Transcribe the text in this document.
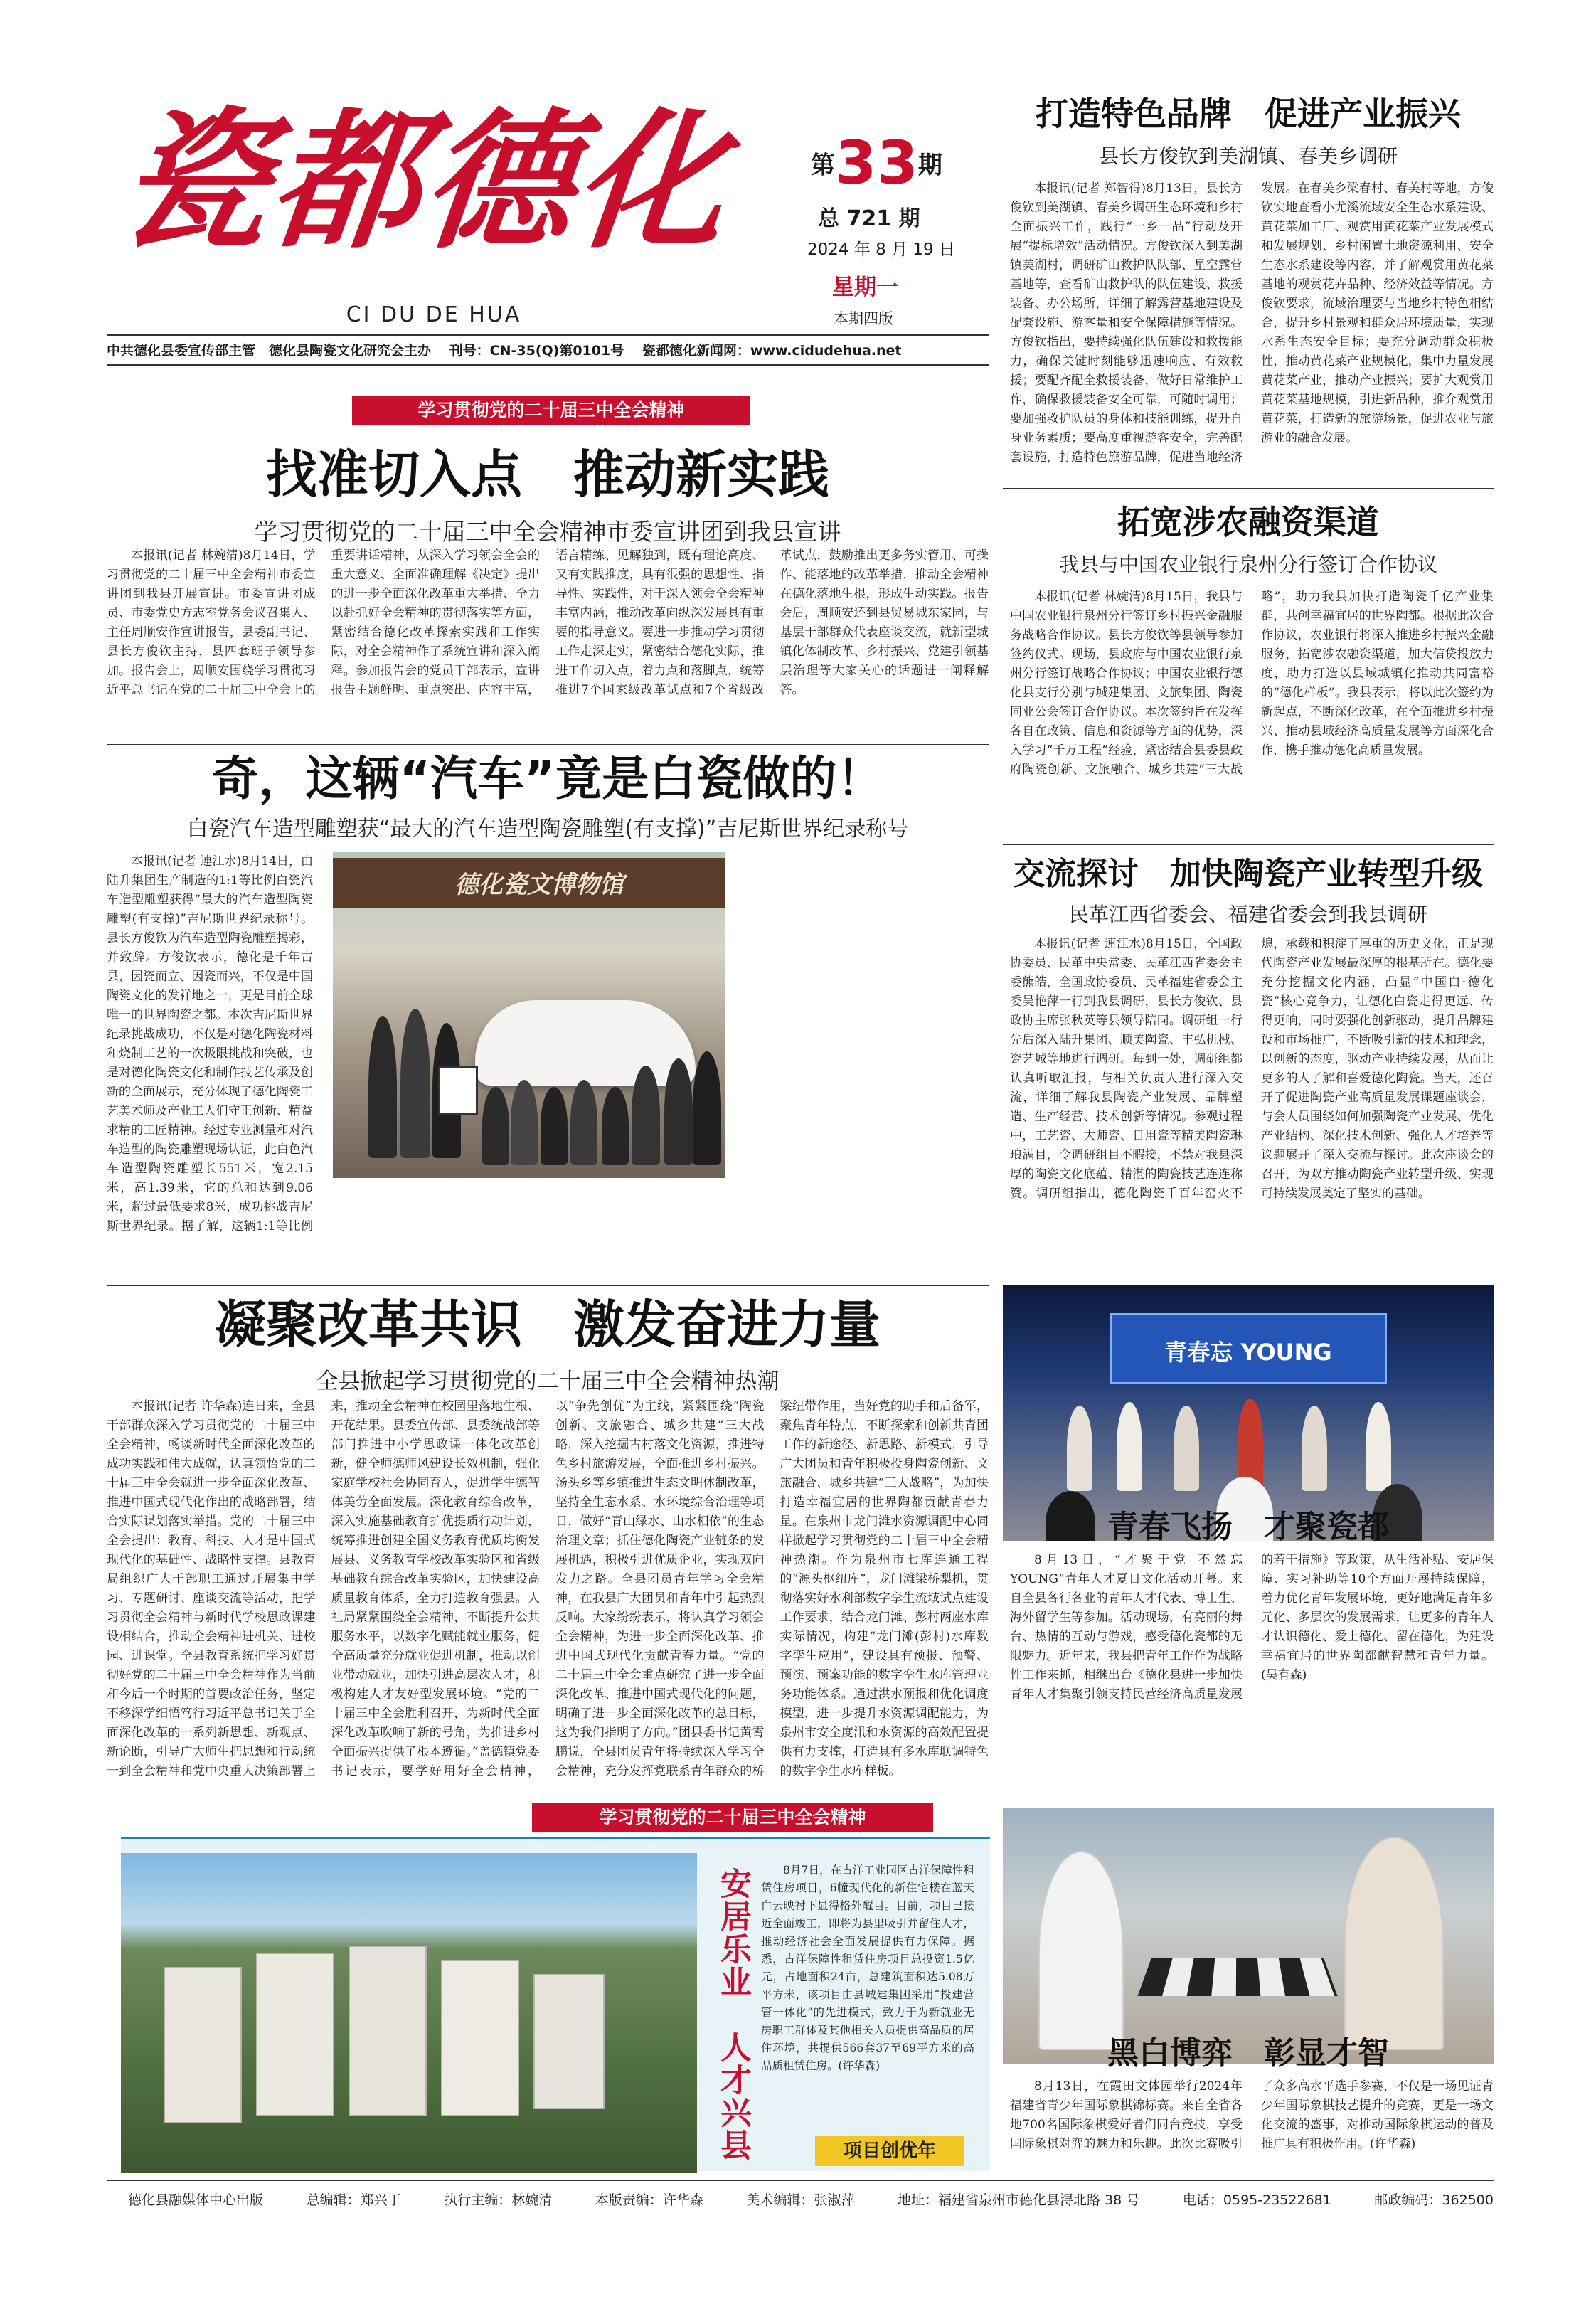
瓷都德化
CI DU DE HUA
第33期
总 721 期
2024 年 8 月 19 日
星期一
本期四版
中共德化县委宣传部主管　德化县陶瓷文化研究会主办　 刊号：CN-35(Q)第0101号　 瓷都德化新闻网：www.cidudehua.net
学习贯彻党的二十届三中全会精神
找准切入点　推动新实践
学习贯彻党的二十届三中全会精神市委宣讲团到我县宣讲
本报讯(记者 林婉清)8月14日，学习贯彻党的二十届三中全会精神市委宣讲团到我县开展宣讲。市委宣讲团成员、市委党史方志室党务会议召集人、主任周顺安作宣讲报告，县委副书记、县长方俊钦主持，县四套班子领导参加。报告会上，周顺安围绕学习贯彻习近平总书记在党的二十届三中全会上的重要讲话精神，从深入学习领会全会的重大意义、全面准确理解《决定》提出的进一步全面深化改革重大举措、全力以赴抓好全会精神的贯彻落实等方面，紧密结合德化改革探索实践和工作实际，对全会精神作了系统宣讲和深入阐释。参加报告会的党员干部表示，宣讲报告主题鲜明、重点突出、内容丰富，语言精练、见解独到，既有理论高度、又有实践推度，具有很强的思想性、指导性、实践性，对于深入领会全会精神丰富内涵，推动改革向纵深发展具有重要的指导意义。要进一步推动学习贯彻工作走深走实，紧密结合德化实际，推进工作切入点，着力点和落脚点，统筹推进7个国家级改革试点和7个省级改革试点，鼓励推出更多务实管用、可操作、能落地的改革举措，推动全会精神在德化落地生根，形成生动实践。报告会后，周顺安还到县贸易城东家园，与基层干部群众代表座谈交流，就新型城镇化体制改革、乡村振兴、党建引领基层治理等大家关心的话题进一阐释解答。
奇，这辆“汽车”竟是白瓷做的！
白瓷汽车造型雕塑获“最大的汽车造型陶瓷雕塑(有支撑)”吉尼斯世界纪录称号
本报讯(记者 連江水)8月14日，由陆升集团生产制造的1:1等比例白瓷汽车造型雕塑获得“最大的汽车造型陶瓷雕塑(有支撑)”吉尼斯世界纪录称号。县长方俊钦为汽车造型陶瓷雕塑揭彩，并致辞。方俊钦表示，德化是千年古县，因瓷而立、因瓷而兴，不仅是中国陶瓷文化的发祥地之一，更是目前全球唯一的世界陶瓷之都。本次吉尼斯世界纪录挑战成功，不仅是对德化陶瓷材料和烧制工艺的一次极限挑战和突破，也是对德化陶瓷文化和制作技艺传承及创新的全面展示，充分体现了德化陶瓷工艺美术师及产业工人们守正创新、精益求精的工匠精神。经过专业测量和对汽车造型的陶瓷雕塑现场认证，此白色汽车造型陶瓷雕塑长551米，宽2.15米，高1.39米，它的总和达到9.06米，超过最低要求8米，成功挑战吉尼斯世界纪录。据了解，这辆1:1等比例
德化瓷文博物馆
凝聚改革共识　激发奋进力量
全县掀起学习贯彻党的二十届三中全会精神热潮
本报讯(记者 许华森)连日来，全县干部群众深入学习贯彻党的二十届三中全会精神，畅谈新时代全面深化改革的成功实践和伟大成就，认真领悟党的二十届三中全会就进一步全面深化改革、推进中国式现代化作出的战略部署，结合实际谋划落实举措。党的二十届三中全会提出：教育、科技、人才是中国式现代化的基础性、战略性支撑。县教育局组织广大干部职工通过开展集中学习、专题研讨、座谈交流等活动，把学习贯彻全会精神与新时代学校思政课建设相结合，推动全会精神进机关、进校园、进课堂。全县教育系统把学习好贯彻好党的二十届三中全会精神作为当前和今后一个时期的首要政治任务，坚定不移深学细悟笃行习近平总书记关于全面深化改革的一系列新思想、新观点、新论断，引导广大师生把思想和行动统一到全会精神和党中央重大决策部署上来，推动全会精神在校园里落地生根、开花结果。县委宣传部、县委统战部等部门推进中小学思政课一体化改革创新，健全师德师风建设长效机制，强化家庭学校社会协同育人，促进学生德智体美劳全面发展。深化教育综合改革，深入实施基础教育扩优提质行动计划，统筹推进创建全国义务教育优质均衡发展县、义务教育学校改革实验区和省级基础教育综合改革实验区，加快建设高质量教育体系，全力打造教育强县。人社局紧紧围绕全会精神，不断提升公共服务水平，以数字化赋能就业服务，健全高质量充分就业促进机制，推动以创业带动就业，加快引进高层次人才，积极构建人才友好型发展环境。“党的二十届三中全会胜利召开，为新时代全面深化改革吹响了新的号角，为推进乡村全面振兴提供了根本遵循。”盖德镇党委书记表示，要学好用好全会精神，以“争先创优”为主线，紧紧围绕“陶瓷创新、文旅融合、城乡共建”三大战略，深入挖掘古村落文化资源，推进特色乡村旅游发展，全面推进乡村振兴。汤头乡等乡镇推进生态文明体制改革，坚持全生态水系、水环境综合治理等项目，做好“青山绿水、山水相依”的生态治理文章；抓住德化陶瓷产业链条的发展机遇，积极引进优质企业，实现双向发力之路。全县团员青年学习全会精神，在我县广大团员和青年中引起热烈反响。大家纷纷表示，将认真学习领会全会精神，为进一步全面深化改革、推进中国式现代化贡献青春力量。“党的二十届三中全会重点研究了进一步全面深化改革、推进中国式现代化的问题，明确了进一步全面深化改革的总目标，这为我们指明了方向。”团县委书记黄霄鹏说，全县团员青年将持续深入学习全会精神，充分发挥党联系青年群众的桥梁纽带作用，当好党的助手和后备军，聚焦青年特点，不断探索和创新共青团工作的新途径、新思路、新模式，引导广大团员和青年积极投身陶瓷创新、文旅融合、城乡共建“三大战略”，为加快打造幸福宜居的世界陶都贡献青春力量。在泉州市龙门滩水资源调配中心同样掀起学习贯彻党的二十届三中全会精神热潮。作为泉州市七库连通工程的“源头枢纽库”，龙门滩梁桥梨机，贯彻落实好水利部数字孪生流域试点建设工作要求，结合龙门滩、彭村两座水库实际情况，构建“龙门滩(彭村)水库数字孪生应用”，建设具有预报、预警、预演、预案功能的数字孪生水库管理业务功能体系。通过洪水预报和优化调度模型，进一步提升水资源调配能力，为泉州市安全度汛和水资源的高效配置提供有力支撑，打造具有多水库联调特色的数字孪生水库样板。
学习贯彻党的二十届三中全会精神
安居乐业　人才兴县	8月7日，在古洋工业园区古洋保障性租赁住房项目，6幢现代化的新住宅楼在蓝天白云映衬下显得格外醒目。目前，项目已接近全面竣工，即将为县里吸引并留住人才，推动经济社会全面发展提供有力保障。据悉，古洋保障性租赁住房项目总投资1.5亿元，占地面积24亩，总建筑面积达5.08万平方米，该项目由县城建集团采用“投建营管一体化”的先进模式，致力于为新就业无房职工群体及其他相关人员提供高品质的居住环境，共提供566套37至69平方米的高品质租赁住房。(许华森)
项目创优年
打造特色品牌　促进产业振兴
县长方俊钦到美湖镇、春美乡调研
本报讯(记者 郑智得)8月13日，县长方俊钦到美湖镇、春美乡调研生态环境和乡村全面振兴工作，践行“一乡一品”行动及开展“提标增效”活动情况。方俊钦深入到美湖镇美湖村，调研矿山救护队队部、星空露营基地等，查看矿山救护队的队伍建设、救援装备、办公场所，详细了解露营基地建设及配套设施、游客量和安全保障措施等情况。方俊钦指出，要持续强化队伍建设和救援能力，确保关键时刻能够迅速响应、有效救援；要配齐配全救援装备，做好日常维护工作，确保救援装备安全可靠，可随时调用；要加强救护队员的身体和技能训练，提升自身业务素质；要高度重视游客安全，完善配套设施，打造特色旅游品牌，促进当地经济发展。在春美乡梁春村、春美村等地，方俊钦实地查看小尤溪流域安全生态水系建设、黄花菜加工厂、观赏用黄花菜产业发展模式和发展规划、乡村闲置土地资源利用、安全生态水系建设等内容，并了解观赏用黄花菜基地的观赏花卉品种、经济效益等情况。方俊钦要求，流域治理要与当地乡村特色相结合，提升乡村景观和群众居环境质量，实现水系生态安全目标；要充分调动群众积极性，推动黄花菜产业规模化，集中力量发展黄花菜产业，推动产业振兴；要扩大观赏用黄花菜基地规模，引进新品种，推介观赏用黄花菜，打造新的旅游场景，促进农业与旅游业的融合发展。
拓宽涉农融资渠道
我县与中国农业银行泉州分行签订合作协议
本报讯(记者 林婉清)8月15日，我县与中国农业银行泉州分行签订乡村振兴金融服务战略合作协议。县长方俊钦等县领导参加签约仪式。现场，县政府与中国农业银行泉州分行签订战略合作协议；中国农业银行德化县支行分别与城建集团、文旅集团、陶瓷同业公会签订合作协议。本次签约旨在发挥各自在政策、信息和资源等方面的优势，深入学习“千万工程”经验，紧密结合县委县政府陶瓷创新、文旅融合、城乡共建“三大战略”，助力我县加快打造陶瓷千亿产业集群，共创幸福宜居的世界陶都。根据此次合作协议，农业银行将深入推进乡村振兴金融服务，拓宽涉农融资渠道，加大信贷投放力度，助力打造以县域城镇化推动共同富裕的“德化样板”。我县表示，将以此次签约为新起点，不断深化改革，在全面推进乡村振兴、推动县域经济高质量发展等方面深化合作，携手推动德化高质量发展。
交流探讨　加快陶瓷产业转型升级
民革江西省委会、福建省委会到我县调研
本报讯(记者 連江水)8月15日，全国政协委员、民革中央常委、民革江西省委会主委熊皓，全国政协委员、民革福建省委会主委吴艳萍一行到我县调研，县长方俊钦、县政协主席张秋英等县领导陪同。调研组一行先后深入陆升集团、顺美陶瓷、丰弘机械、瓷艺城等地进行调研。每到一处，调研组都认真听取汇报，与相关负责人进行深入交流，详细了解我县陶瓷产业发展、品牌塑造、生产经营、技术创新等情况。参观过程中，工艺瓷、大师瓷、日用瓷等精美陶瓷琳琅满目，令调研组目不暇接，不禁对我县深厚的陶瓷文化底蕴、精湛的陶瓷技艺连连称赞。调研组指出，德化陶瓷千百年窑火不熄，承载和积淀了厚重的历史文化，正是现代陶瓷产业发展最深厚的根基所在。德化要充分挖掘文化内涵，凸显“中国白·德化瓷”核心竞争力，让德化白瓷走得更远、传得更响，同时要强化创新驱动，提升品牌建设和市场推广，不断吸引新的技术和理念，以创新的态度，驱动产业持续发展，从而让更多的人了解和喜爱德化陶瓷。当天，还召开了促进陶瓷产业高质量发展课题座谈会，与会人员围绕如何加强陶瓷产业发展、优化产业结构、深化技术创新、强化人才培养等议题展开了深入交流与探讨。此次座谈会的召开，为双方推动陶瓷产业转型升级、实现可持续发展奠定了坚实的基础。
青春忘 YOUNG
青春飞扬　才聚瓷都
8月13日，“才聚于党 不然忘YOUNG”青年人才夏日文化活动开幕。来自全县各行各业的青年人才代表、博士生、海外留学生等参加。活动现场，有亮丽的舞台、热情的互动与游戏，感受德化瓷都的无限魅力。近年来，我县把青年工作作为战略性工作来抓，相继出台《德化县进一步加快青年人才集聚引领支持民营经济高质量发展的若干措施》等政策，从生活补贴、安居保障、实习补助等10个方面开展持续保障，着力优化青年发展环境，更好地满足青年多元化、多层次的发展需求，让更多的青年人才认识德化、爱上德化、留在德化，为建设幸福宜居的世界陶都献智慧和青年力量。(吴有森)
黑白博弈　彰显才智
8月13日，在霞田文体园举行2024年福建省青少年国际象棋锦标赛。来自全省各地700名国际象棋爱好者们同台竞技，享受国际象棋对弈的魅力和乐趣。此次比赛吸引了众多高水平选手参赛，不仅是一场见证青少年国际象棋技艺提升的竞赛，更是一场文化交流的盛事，对推动国际象棋运动的普及推广具有积极作用。(许华森)
德化县融媒体中心出版	总编辑：郑兴丁	执行主编：林婉清	本版责编：许华森	美术编辑：张淑萍	地址：福建省泉州市德化县浔北路 38 号	电话：0595-23522681	邮政编码：362500
